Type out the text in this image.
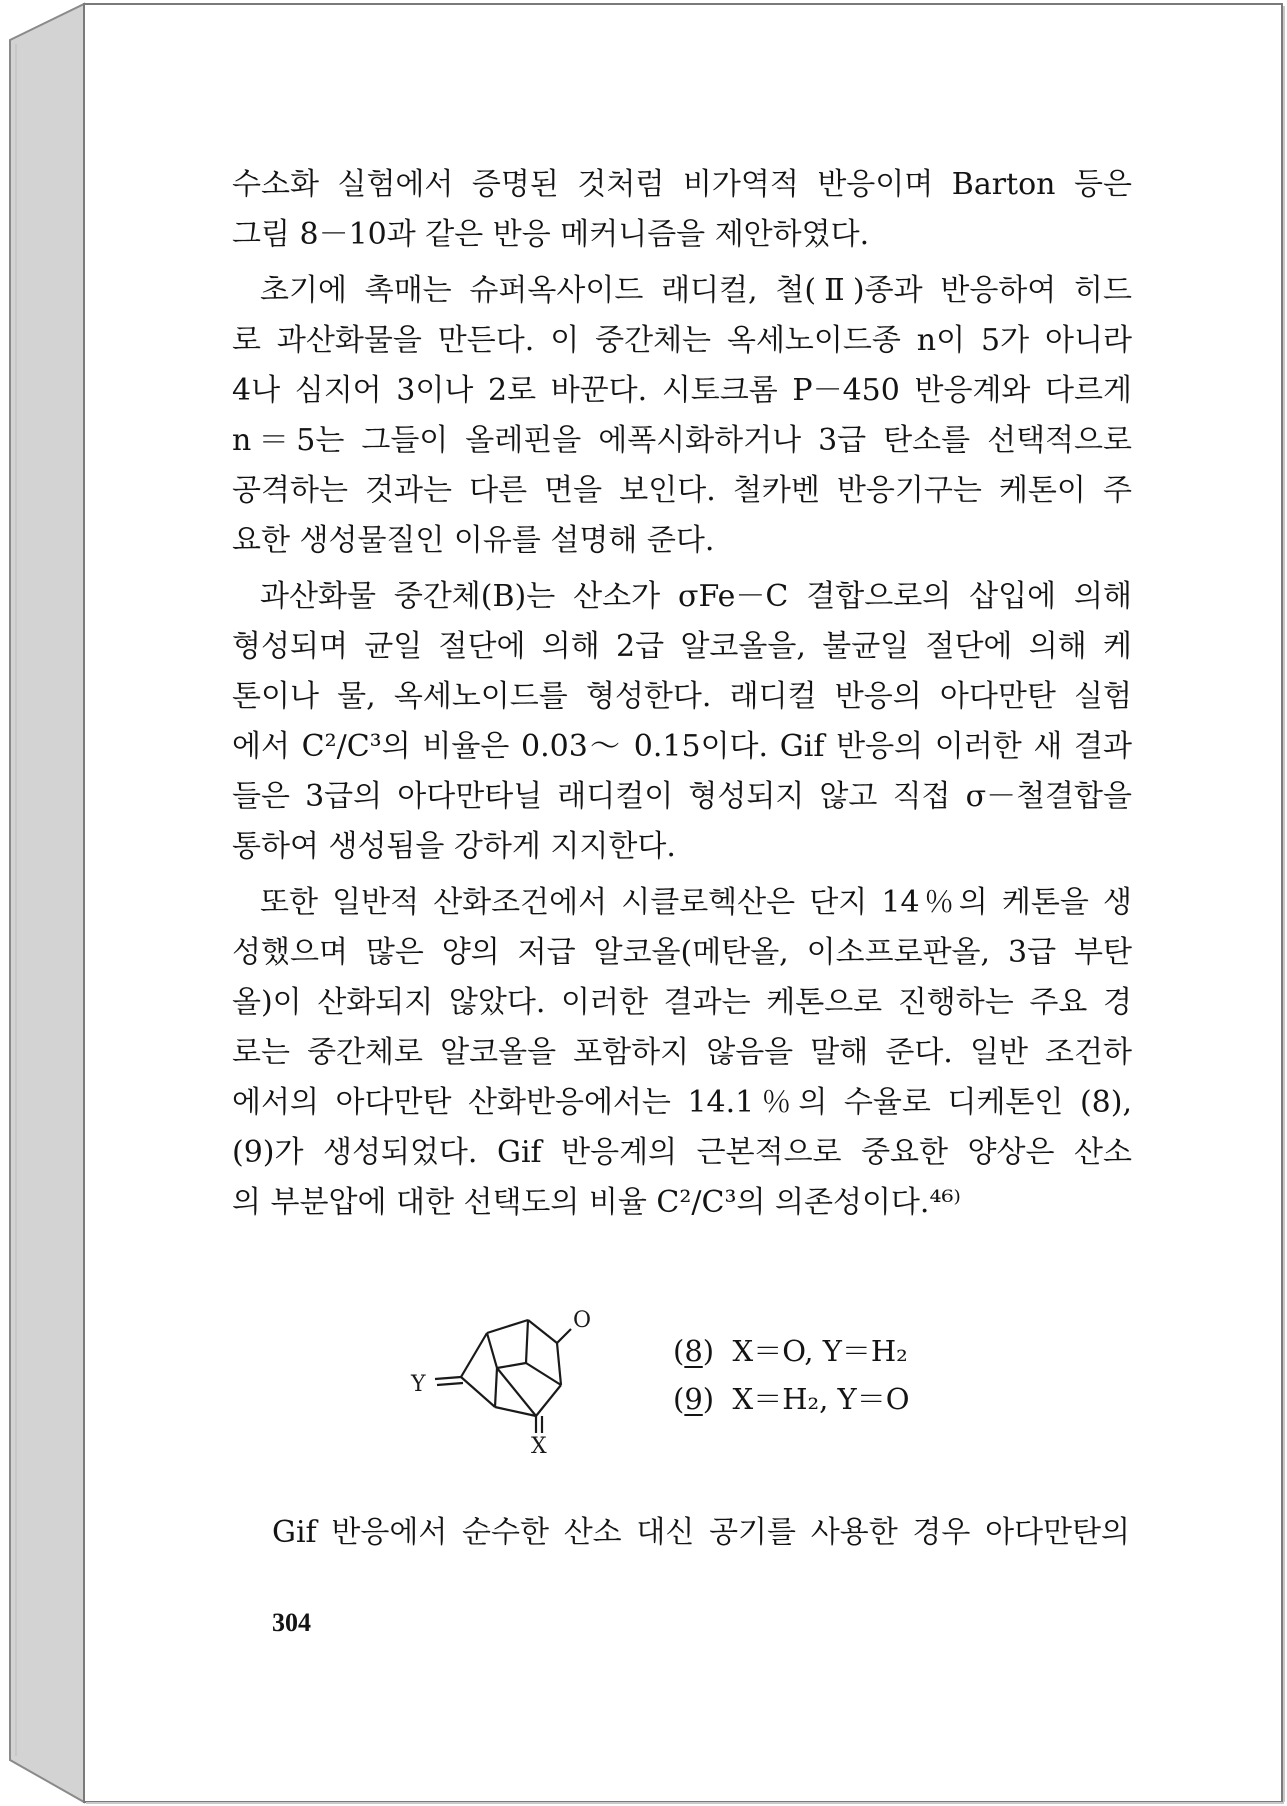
수소화 실험에서 증명된 것처럼 비가역적 반응이며 Barton 등은
그림 8－10과 같은 반응 메커니즘을 제안하였다.
초기에 촉매는 슈퍼옥사이드 래디컬, 철(Ⅱ)종과 반응하여 히드
로 과산화물을 만든다. 이 중간체는 옥세노이드종 n이 5가 아니라
4나 심지어 3이나 2로 바꾼다. 시토크롬 P－450 반응계와 다르게
n＝5는 그들이 올레핀을 에폭시화하거나 3급 탄소를 선택적으로
공격하는 것과는 다른 면을 보인다. 철카벤 반응기구는 케톤이 주
요한 생성물질인 이유를 설명해 준다.
과산화물 중간체(B)는 산소가 σFe－C 결합으로의 삽입에 의해
형성되며 균일 절단에 의해 2급 알코올을, 불균일 절단에 의해 케
톤이나 물, 옥세노이드를 형성한다. 래디컬 반응의 아다만탄 실험
에서 C²/C³의 비율은 0.03～ 0.15이다. Gif 반응의 이러한 새 결과
들은 3급의 아다만타닐 래디컬이 형성되지 않고 직접 σ－철결합을
통하여 생성됨을 강하게 지지한다.
또한 일반적 산화조건에서 시클로헥산은 단지 14％의 케톤을 생
성했으며 많은 양의 저급 알코올(메탄올, 이소프로판올, 3급 부탄
올)이 산화되지 않았다. 이러한 결과는 케톤으로 진행하는 주요 경
로는 중간체로 알코올을 포함하지 않음을 말해 준다. 일반 조건하
에서의 아다만탄 산화반응에서는 14.1％의 수율로 디케톤인 (8),
(9)가 생성되었다. Gif 반응계의 근본적으로 중요한 양상은 산소
의 부분압에 대한 선택도의 비율 C²/C³의 의존성이다.⁴⁶⁾
O
Y
X
(8)  X＝O, Y＝H₂
(9)  X＝H₂, Y＝O
Gif 반응에서 순수한 산소 대신 공기를 사용한 경우 아다만탄의
304
